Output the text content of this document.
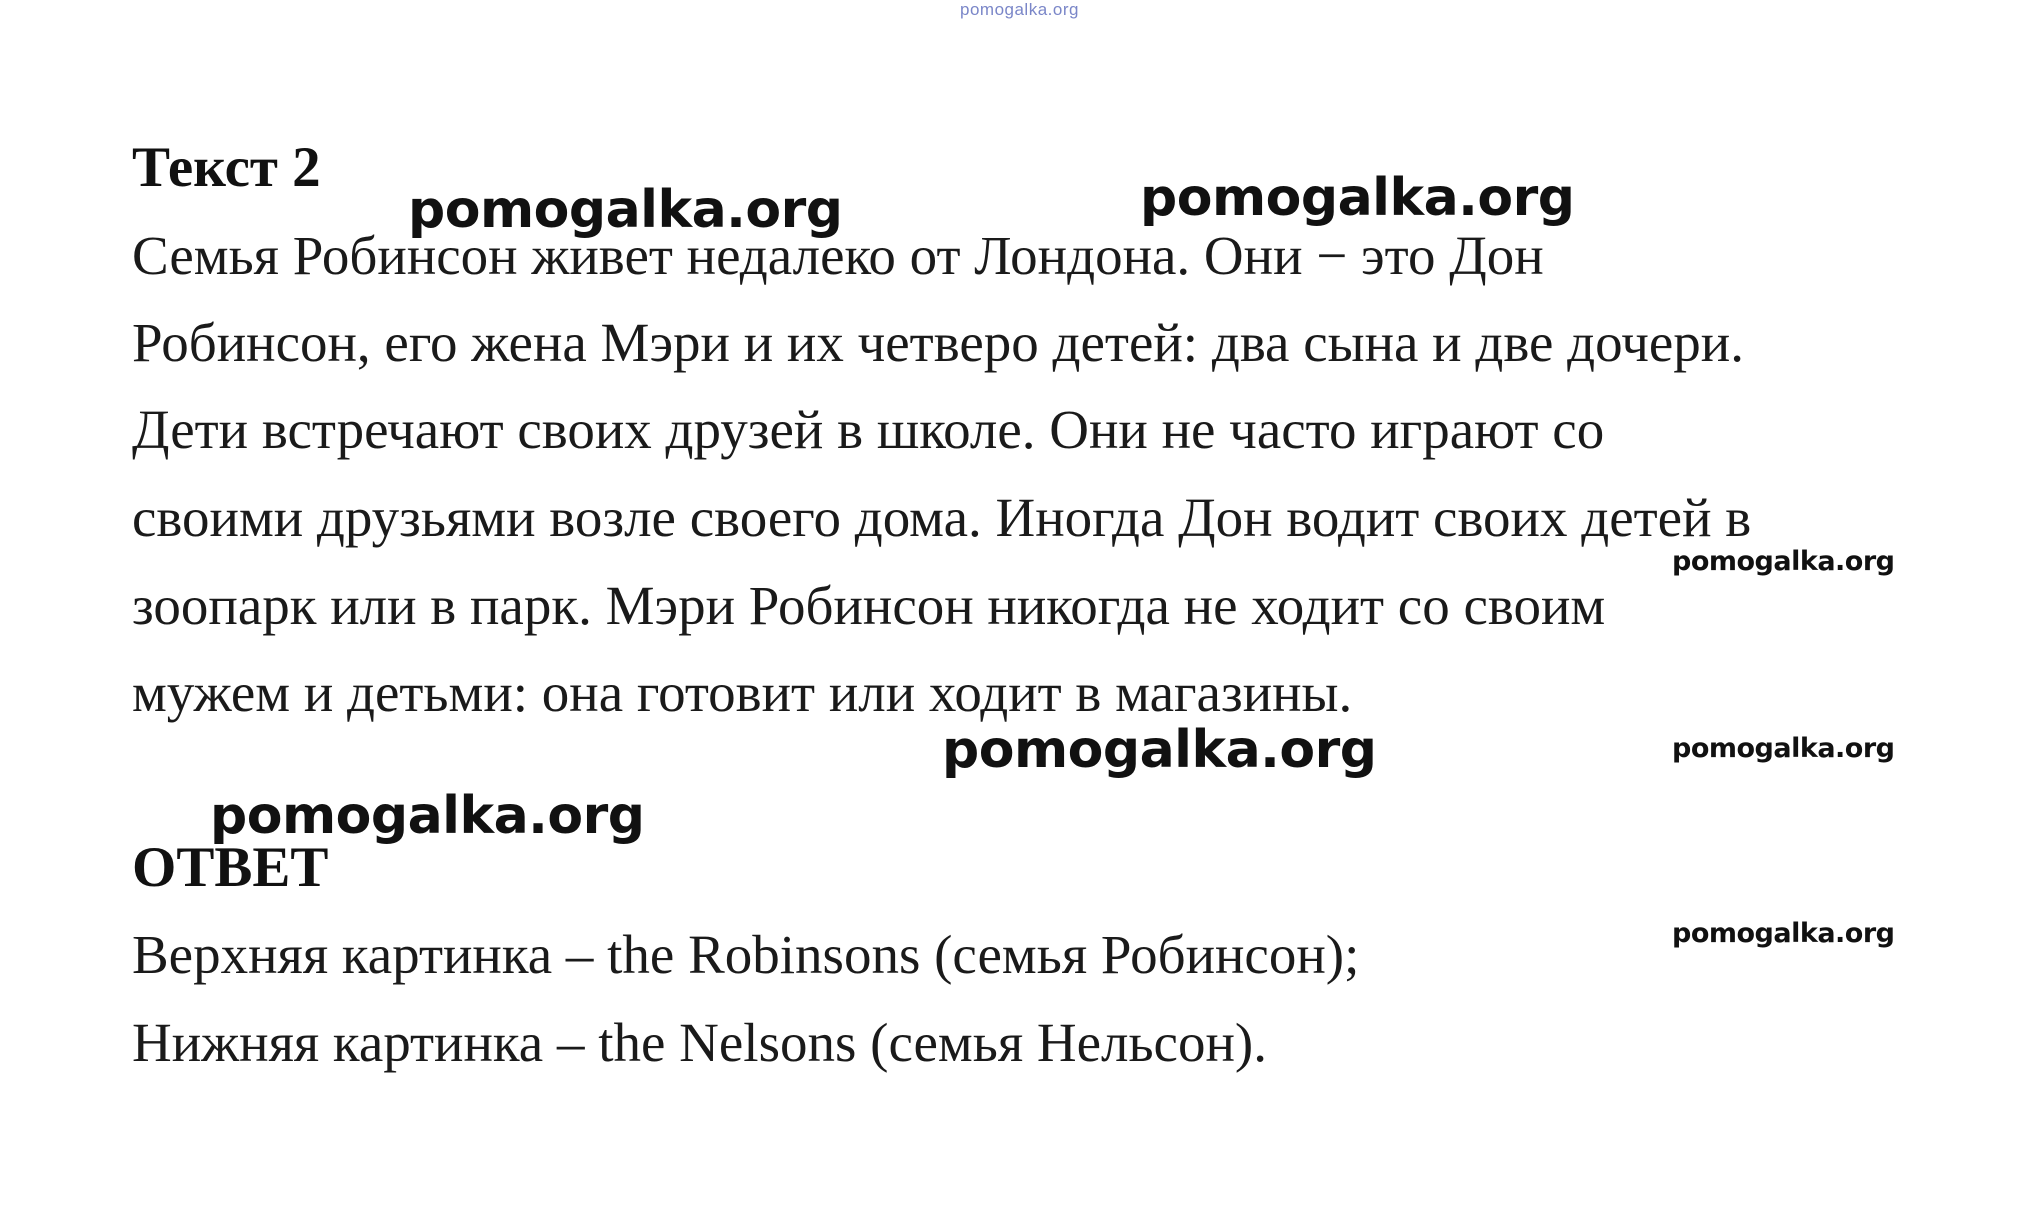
pomogalka.org
Текст 2
Семья Робинсон живет недалеко от Лондона. Они − это Дон
Робинсон, его жена Мэри и их четверо детей: два сына и две дочери.
Дети встречают своих друзей в школе. Они не часто играют со
своими друзьями возле своего дома. Иногда Дон водит своих детей в
зоопарк или в парк. Мэри Робинсон никогда не ходит со своим
мужем и детьми: она готовит или ходит в магазины.
ОТВЕТ
Верхняя картинка – the Robinsons (семья Робинсон);
Нижняя картинка – the Nelsons (семья Нельсон).
pomogalka.org	pomogalka.org
pomogalka.org
pomogalka.org	pomogalka.org
pomogalka.org
pomogalka.org
